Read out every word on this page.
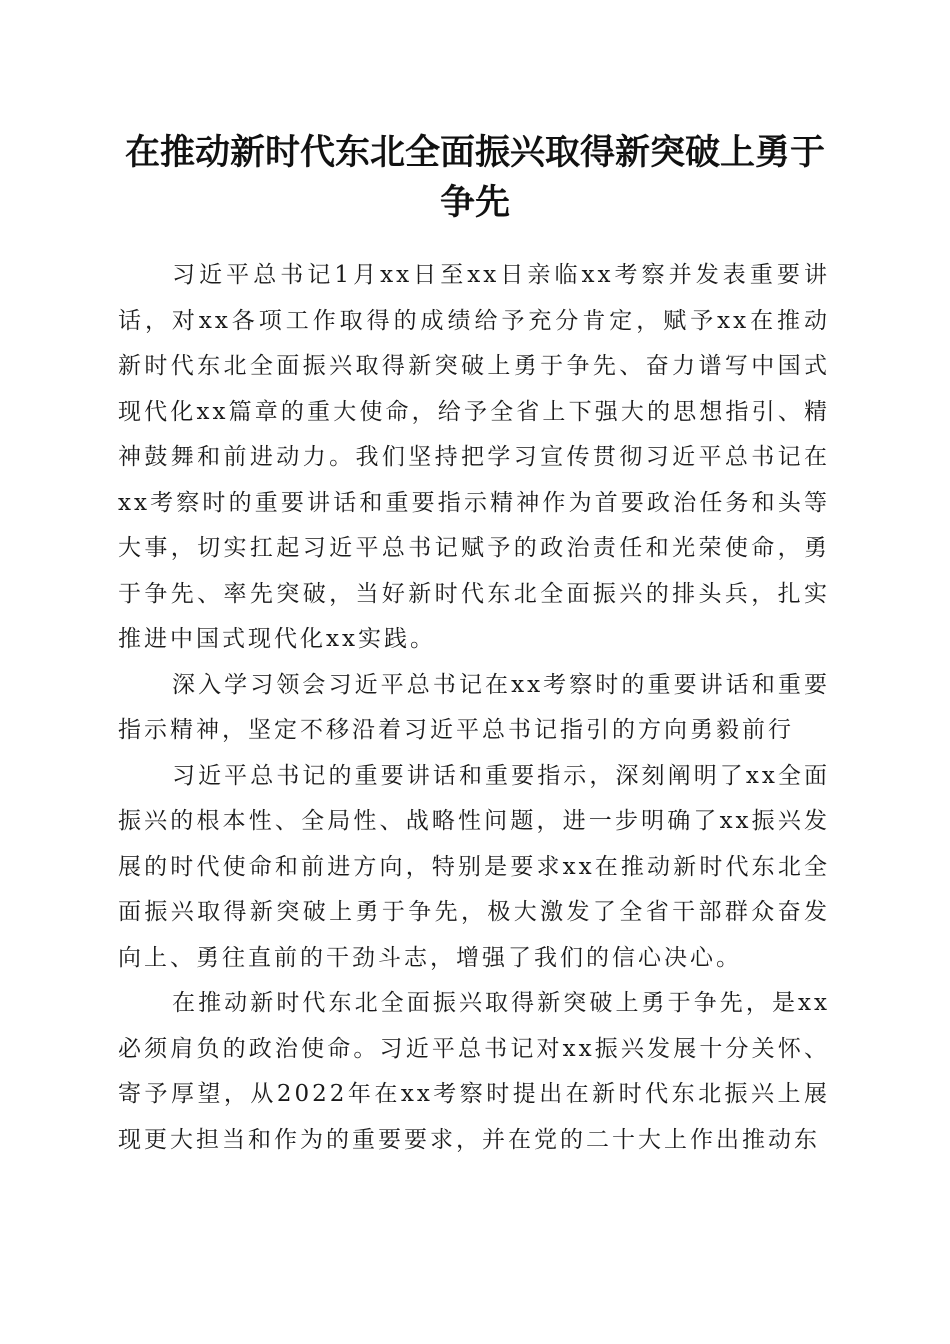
在推动新时代东北全面振兴取得新突破上勇于争先

习近平总书记1月xx日至xx日亲临xx考察并发表重要讲话，对xx各项工作取得的成绩给予充分肯定，赋予xx在推动新时代东北全面振兴取得新突破上勇于争先、奋力谱写中国式现代化xx篇章的重大使命，给予全省上下强大的思想指引、精神鼓舞和前进动力。我们坚持把学习宣传贯彻习近平总书记在xx考察时的重要讲话和重要指示精神作为首要政治任务和头等大事，切实扛起习近平总书记赋予的政治责任和光荣使命，勇于争先、率先突破，当好新时代东北全面振兴的排头兵，扎实推进中国式现代化xx实践。

深入学习领会习近平总书记在xx考察时的重要讲话和重要指示精神，坚定不移沿着习近平总书记指引的方向勇毅前行

习近平总书记的重要讲话和重要指示，深刻阐明了xx全面振兴的根本性、全局性、战略性问题，进一步明确了xx振兴发展的时代使命和前进方向，特别是要求xx在推动新时代东北全面振兴取得新突破上勇于争先，极大激发了全省干部群众奋发向上、勇往直前的干劲斗志，增强了我们的信心决心。

在推动新时代东北全面振兴取得新突破上勇于争先，是xx必须肩负的政治使命。习近平总书记对xx振兴发展十分关怀、寄予厚望，从2022年在xx考察时提出在新时代东北振兴上展现更大担当和作为的重要要求，并在党的二十大上作出推动东
